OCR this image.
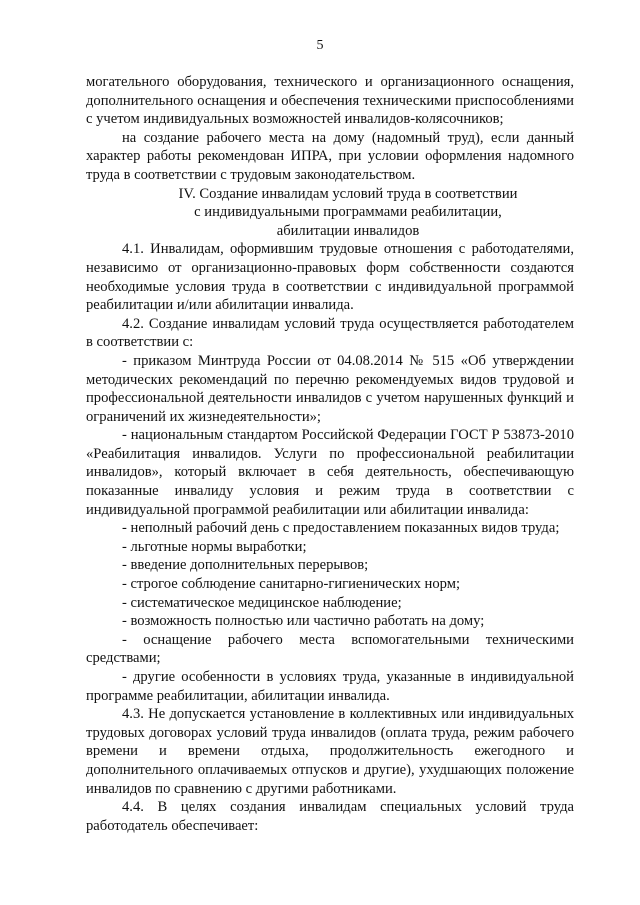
5

могательного оборудования, технического и организационного оснащения, дополнительного оснащения и обеспечения техническими приспособлениями с учетом индивидуальных возможностей инвалидов-колясочников;

на создание рабочего места на дому (надомный труд), если данный характер работы рекомендован ИПРА, при условии оформления надомного труда в соответствии с трудовым законодательством.

IV. Создание инвалидам условий труда в соответствии
с индивидуальными программами реабилитации,
абилитации инвалидов

4.1. Инвалидам, оформившим трудовые отношения с работодателями, независимо от организационно-правовых форм собственности создаются необходимые условия труда в соответствии с индивидуальной программой реабилитации и/или абилитации инвалида.

4.2. Создание инвалидам условий труда осуществляется работодателем в соответствии с:

- приказом Минтруда России от 04.08.2014 № 515 «Об утверждении методических рекомендаций по перечню рекомендуемых видов трудовой и профессиональной деятельности инвалидов с учетом нарушенных функций и ограничений их жизнедеятельности»;

- национальным стандартом Российской Федерации ГОСТ Р 53873-2010 «Реабилитация инвалидов. Услуги по профессиональной реабилитации инвалидов», который включает в себя деятельность, обеспечивающую показанные инвалиду условия и режим труда в соответствии с индивидуальной программой реабилитации или абилитации инвалида:

- неполный рабочий день с предоставлением показанных видов труда;

- льготные нормы выработки;

- введение дополнительных перерывов;

- строгое соблюдение санитарно-гигиенических норм;

- систематическое медицинское наблюдение;

- возможность полностью или частично работать на дому;

- оснащение рабочего места вспомогательными техническими средствами;

- другие особенности в условиях труда, указанные в индивидуальной программе реабилитации, абилитации инвалида.

4.3. Не допускается установление в коллективных или индивидуальных трудовых договорах условий труда инвалидов (оплата труда, режим рабочего времени и времени отдыха, продолжительность ежегодного и дополнительного оплачиваемых отпусков и другие), ухудшающих положение инвалидов по сравнению с другими работниками.

4.4. В целях создания инвалидам специальных условий труда работодатель обеспечивает:
